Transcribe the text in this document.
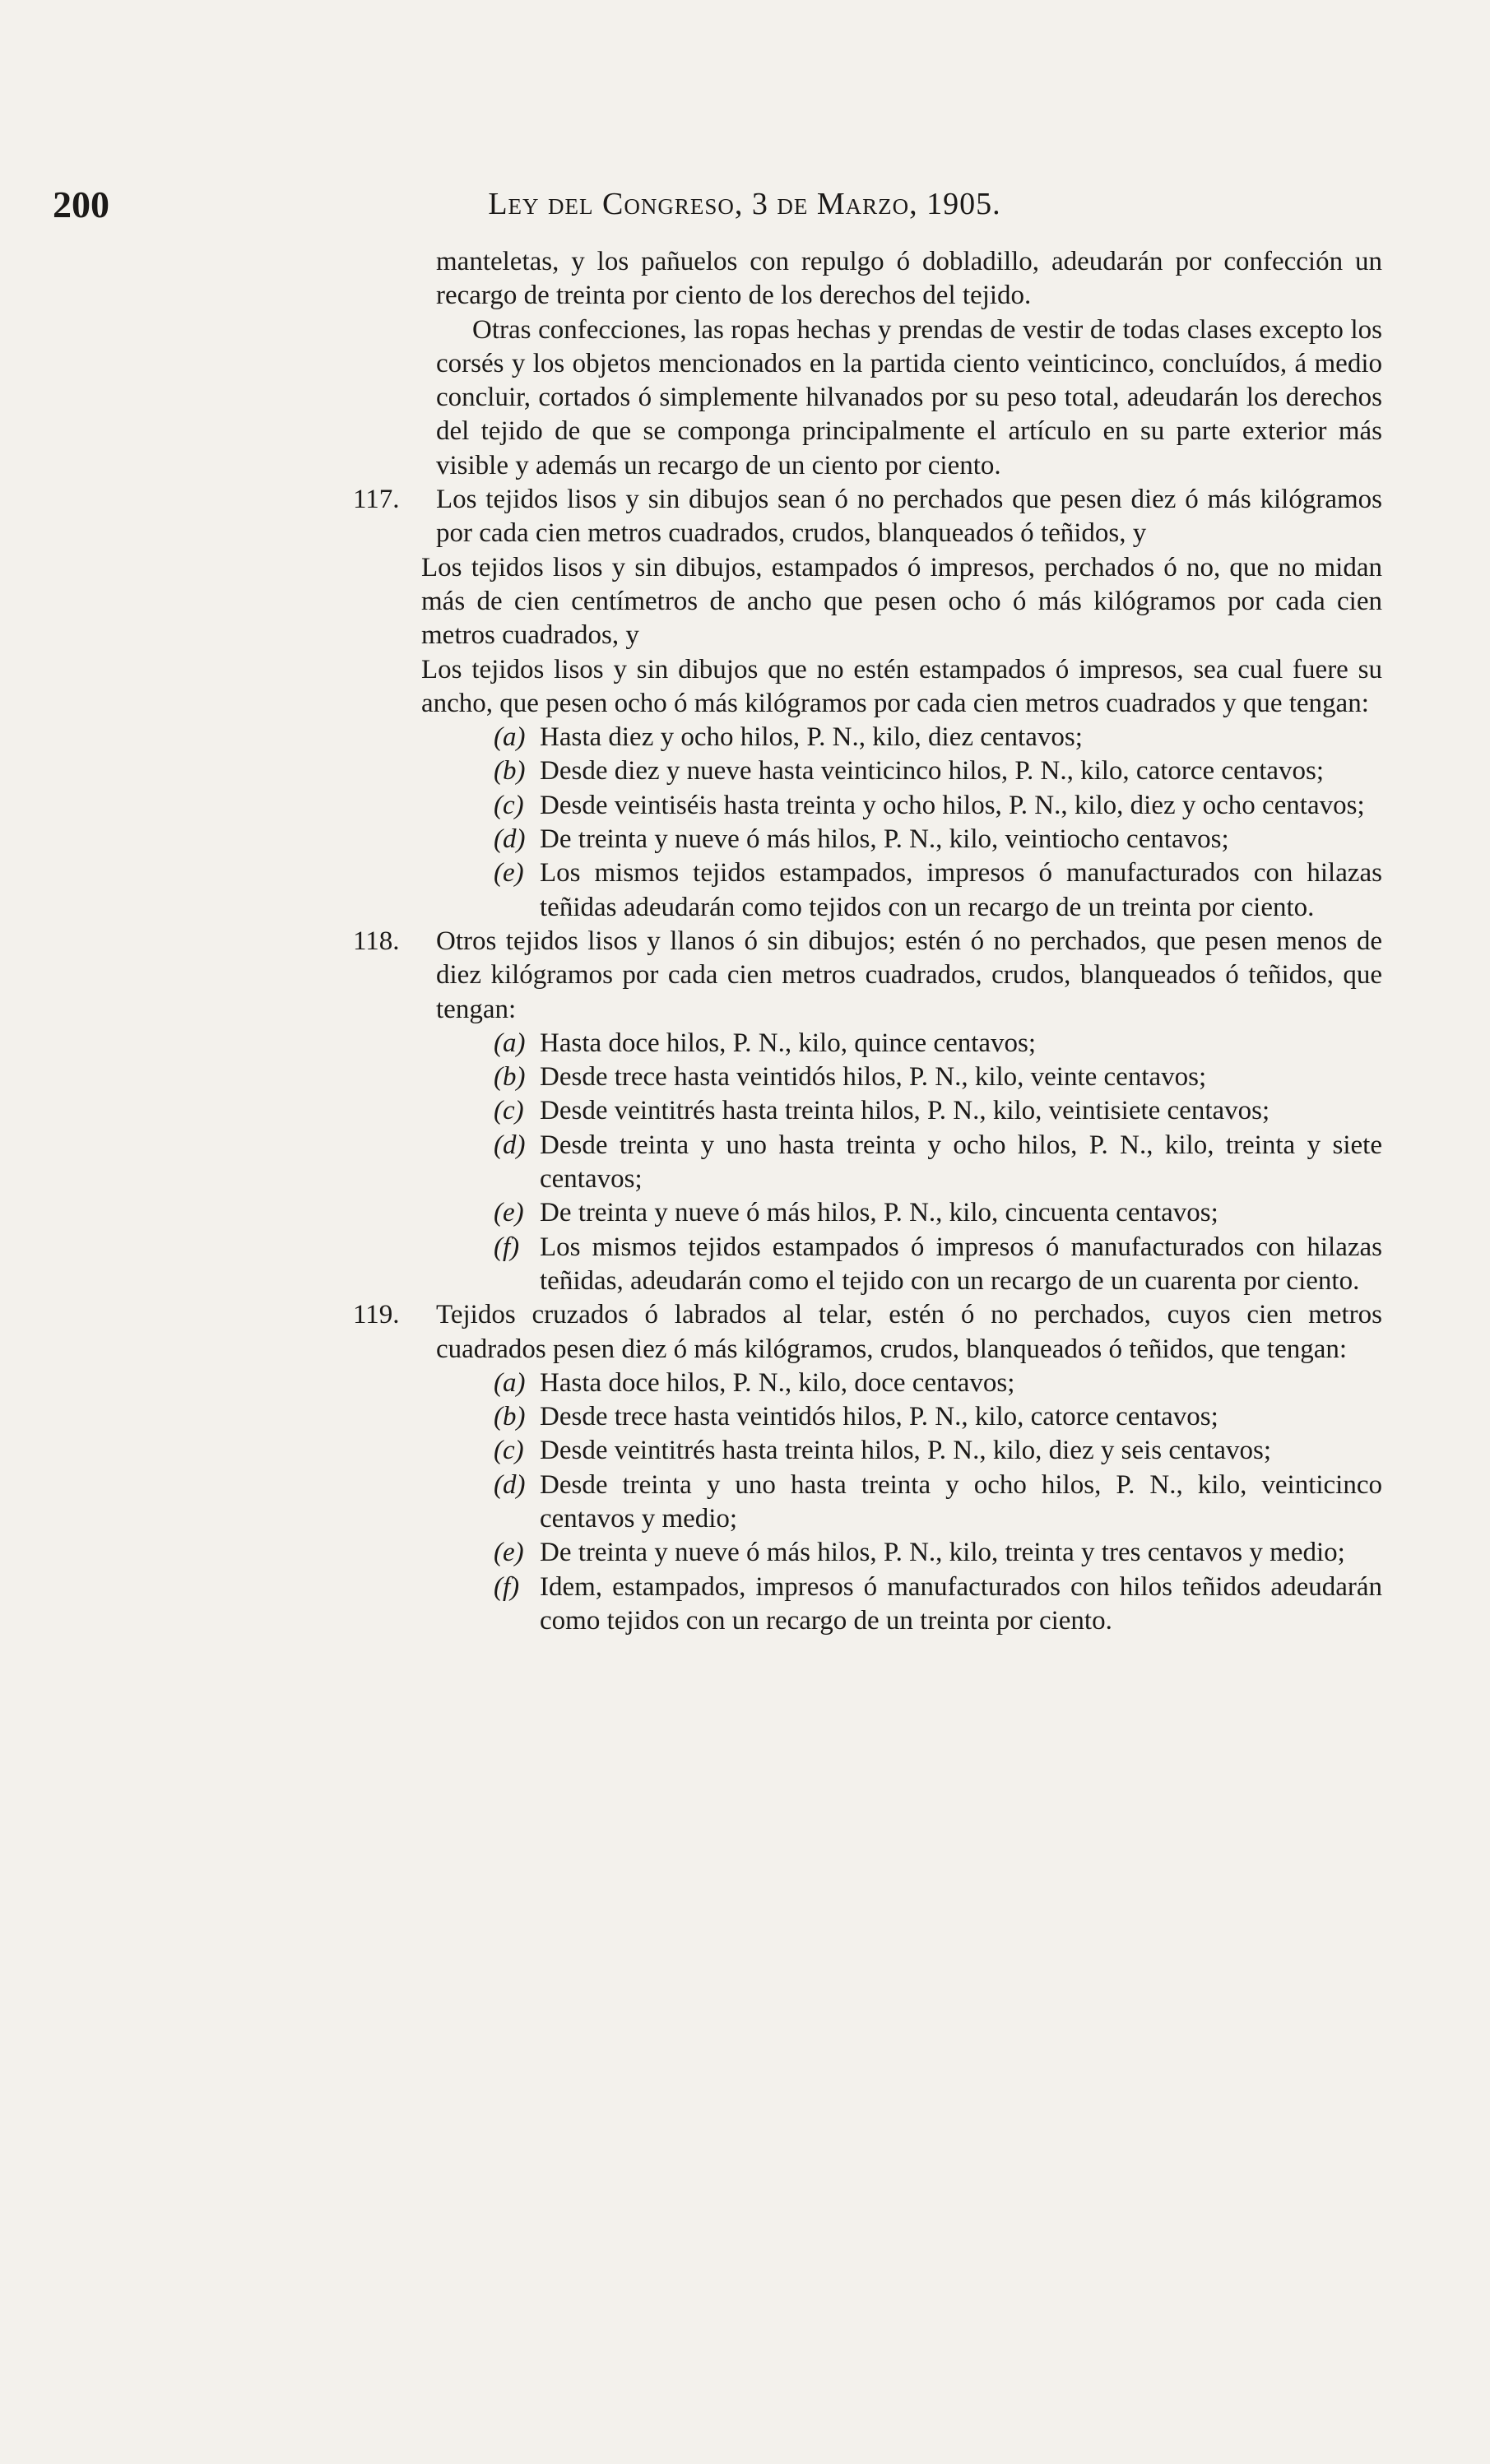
200	Ley del Congreso, 3 de Marzo, 1905.

manteletas, y los pañuelos con repulgo ó dobladillo, adeudarán por confección un recargo de treinta por ciento de los derechos del tejido.

Otras confecciones, las ropas hechas y prendas de vestir de todas clases excepto los corsés y los objetos mencionados en la partida ciento veinticinco, concluídos, á medio concluir, cortados ó simplemente hilvanados por su peso total, adeudarán los derechos del tejido de que se componga principalmente el artículo en su parte exterior más visible y además un recargo de un ciento por ciento.

117. Los tejidos lisos y sin dibujos sean ó no perchados que pesen diez ó más kilógramos por cada cien metros cuadrados, crudos, blanqueados ó teñidos, y

Los tejidos lisos y sin dibujos, estampados ó impresos, perchados ó no, que no midan más de cien centímetros de ancho que pesen ocho ó más kilógramos por cada cien metros cuadrados, y

Los tejidos lisos y sin dibujos que no estén estampados ó impresos, sea cual fuere su ancho, que pesen ocho ó más kilógramos por cada cien metros cuadrados y que tengan:

(a) Hasta diez y ocho hilos, P. N., kilo, diez centavos;
(b) Desde diez y nueve hasta veinticinco hilos, P. N., kilo, catorce centavos;
(c) Desde veintiséis hasta treinta y ocho hilos, P. N., kilo, diez y ocho centavos;
(d) De treinta y nueve ó más hilos, P. N., kilo, veintiocho centavos;
(e) Los mismos tejidos estampados, impresos ó manufacturados con hilazas teñidas adeudarán como tejidos con un recargo de un treinta por ciento.
118. Otros tejidos lisos y llanos ó sin dibujos; estén ó no perchados, que pesen menos de diez kilógramos por cada cien metros cuadrados, crudos, blanqueados ó teñidos, que tengan:

(a) Hasta doce hilos, P. N., kilo, quince centavos;
(b) Desde trece hasta veintidós hilos, P. N., kilo, veinte centavos;
(c) Desde veintitrés hasta treinta hilos, P. N., kilo, veintisiete centavos;
(d) Desde treinta y uno hasta treinta y ocho hilos, P. N., kilo, treinta y siete centavos;
(e) De treinta y nueve ó más hilos, P. N., kilo, cincuenta centavos;
(f) Los mismos tejidos estampados ó impresos ó manufacturados con hilazas teñidas, adeudarán como el tejido con un recargo de un cuarenta por ciento.
119. Tejidos cruzados ó labrados al telar, estén ó no perchados, cuyos cien metros cuadrados pesen diez ó más kilógramos, crudos, blanqueados ó teñidos, que tengan:

(a) Hasta doce hilos, P. N., kilo, doce centavos;
(b) Desde trece hasta veintidós hilos, P. N., kilo, catorce centavos;
(c) Desde veintitrés hasta treinta hilos, P. N., kilo, diez y seis centavos;
(d) Desde treinta y uno hasta treinta y ocho hilos, P. N., kilo, veinticinco centavos y medio;
(e) De treinta y nueve ó más hilos, P. N., kilo, treinta y tres centavos y medio;
(f) Idem, estampados, impresos ó manufacturados con hilos teñidos adeudarán como tejidos con un recargo de un treinta por ciento.
